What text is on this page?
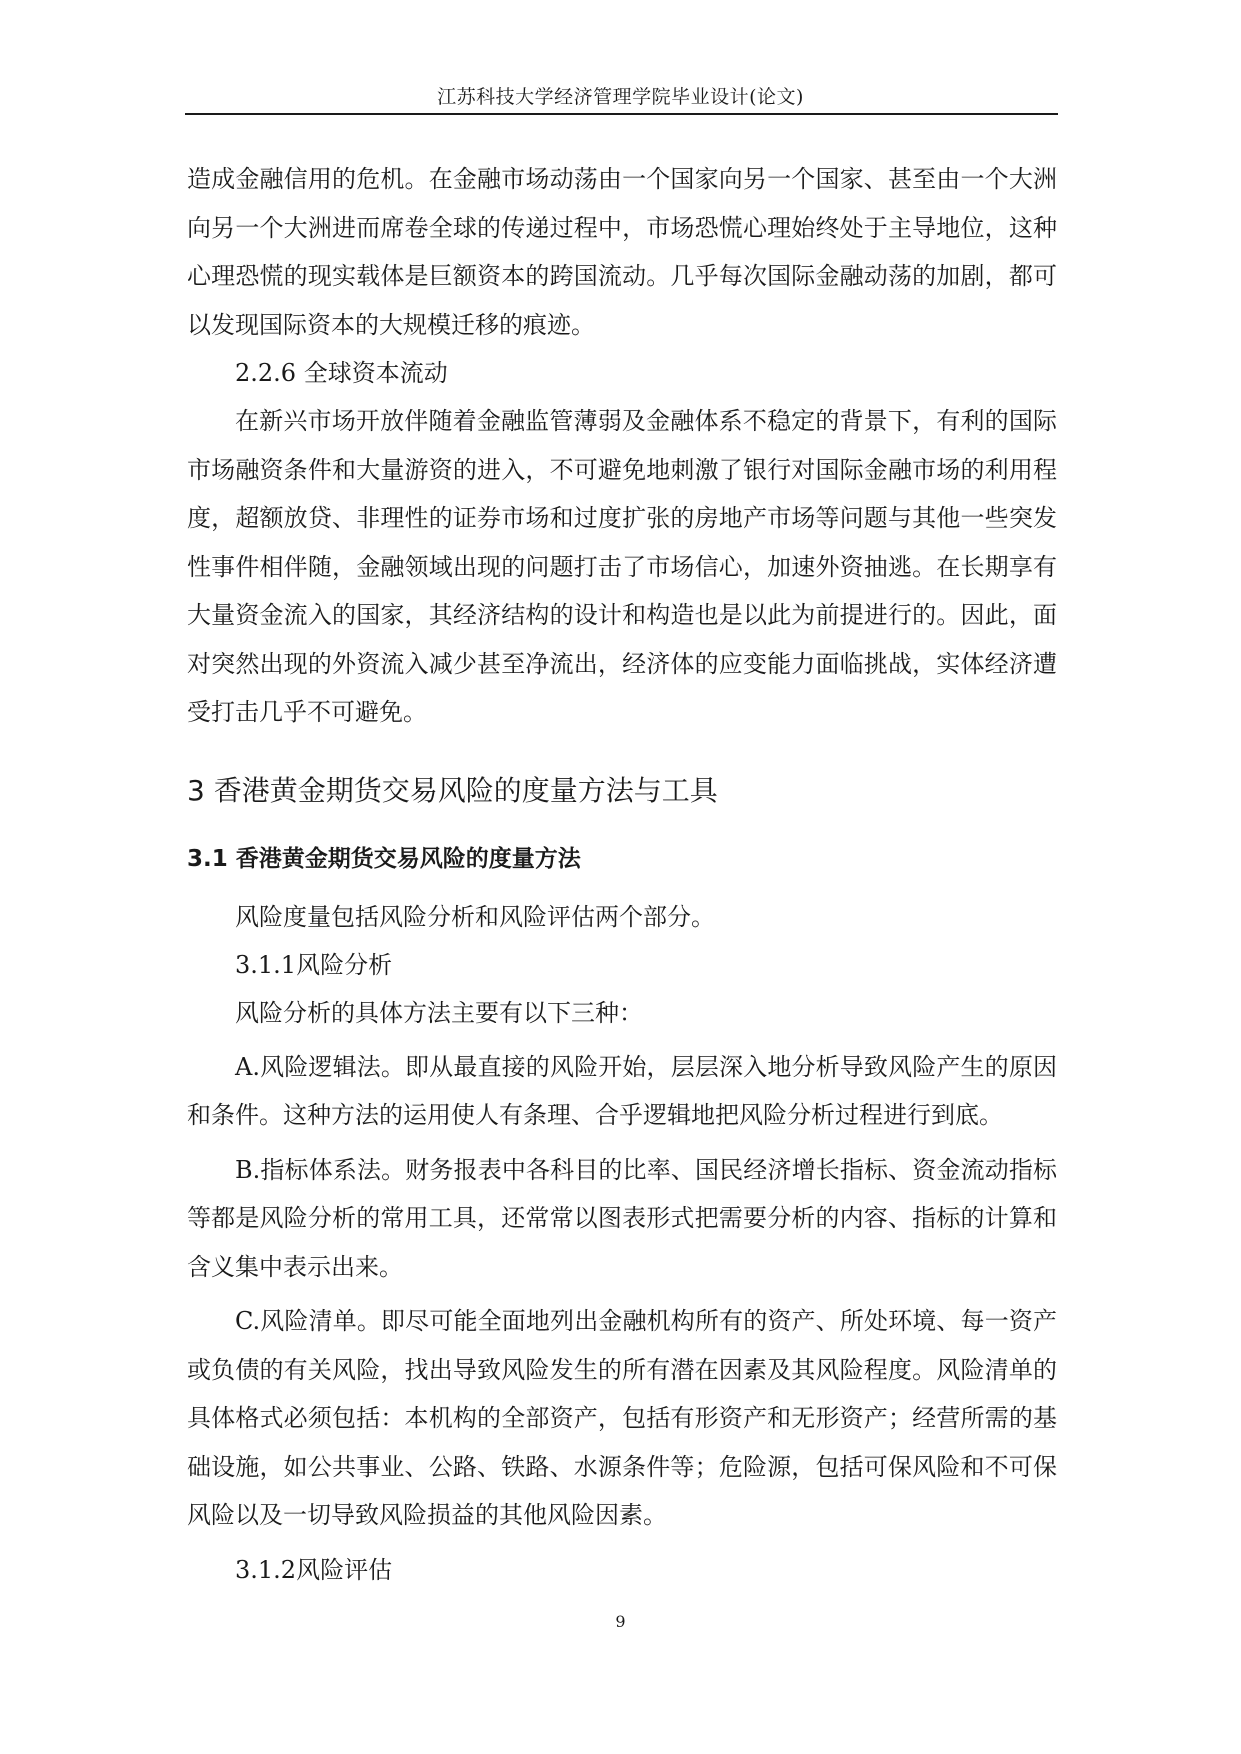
江苏科技大学经济管理学院毕业设计(论文)

造成金融信用的危机。在金融市场动荡由一个国家向另一个国家、甚至由一个大洲向另一个大洲进而席卷全球的传递过程中，市场恐慌心理始终处于主导地位，这种心理恐慌的现实载体是巨额资本的跨国流动。几乎每次国际金融动荡的加剧，都可以发现国际资本的大规模迁移的痕迹。

2.2.6 全球资本流动

在新兴市场开放伴随着金融监管薄弱及金融体系不稳定的背景下，有利的国际市场融资条件和大量游资的进入，不可避免地刺激了银行对国际金融市场的利用程度，超额放贷、非理性的证券市场和过度扩张的房地产市场等问题与其他一些突发性事件相伴随，金融领域出现的问题打击了市场信心，加速外资抽逃。在长期享有大量资金流入的国家，其经济结构的设计和构造也是以此为前提进行的。因此，面对突然出现的外资流入减少甚至净流出，经济体的应变能力面临挑战，实体经济遭受打击几乎不可避免。

3 香港黄金期货交易风险的度量方法与工具
3.1 香港黄金期货交易风险的度量方法

风险度量包括风险分析和风险评估两个部分。

3.1.1风险分析

风险分析的具体方法主要有以下三种：

A.风险逻辑法。即从最直接的风险开始，层层深入地分析导致风险产生的原因和条件。这种方法的运用使人有条理、合乎逻辑地把风险分析过程进行到底。

B.指标体系法。财务报表中各科目的比率、国民经济增长指标、资金流动指标等都是风险分析的常用工具，还常常以图表形式把需要分析的内容、指标的计算和含义集中表示出来。

C.风险清单。即尽可能全面地列出金融机构所有的资产、所处环境、每一资产或负债的有关风险，找出导致风险发生的所有潜在因素及其风险程度。风险清单的具体格式必须包括：本机构的全部资产，包括有形资产和无形资产；经营所需的基础设施，如公共事业、公路、铁路、水源条件等；危险源，包括可保风险和不可保风险以及一切导致风险损益的其他风险因素。

3.1.2风险评估

9
